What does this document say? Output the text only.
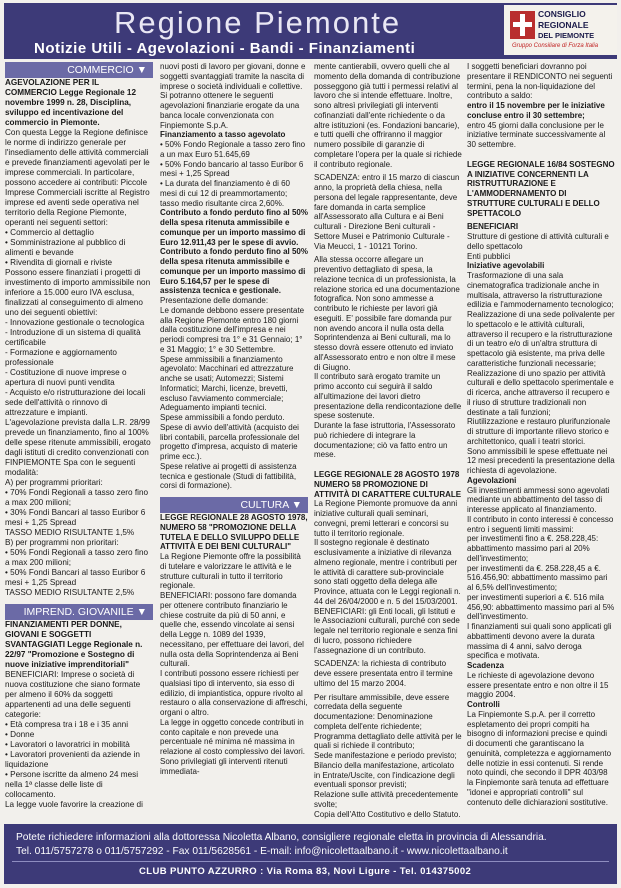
Regione Piemonte
Notizie Utili - Agevolazioni - Bandi - Finanziamenti
CONSIGLIO
REGIONALE
DEL PIEMONTE
Gruppo Consiliare di Forza Italia
COMMERCIO ▼

AGEVOLAZIONE PER IL COMMERCIO Legge Regionale 12 novembre 1999 n. 28, Disciplina, sviluppo ed incentivazione del commercio in Piemonte.

Con questa Legge la Regione definisce le norme di indirizzo generale per l'insediamento delle attività commerciali e prevede finanziamenti agevolati per le imprese commerciali. In particolare, possono accedere ai contributi: Piccole Imprese Commerciali iscritte al Registro imprese ed aventi sede operativa nel territorio della Regione Piemonte, operanti nei seguenti settori:

• Commercio al dettaglio

• Somministrazione al pubblico di alimenti e bevande

• Rivendita di giornali e riviste

Possono essere finanziati i progetti di investimento di importo ammissibile non inferiore a 15.000 euro IVA esclusa, finalizzati al conseguimento di almeno uno dei seguenti obiettivi:

- Innovazione gestionale o tecnologica

- Introduzione di un sistema di qualità certificabile

- Formazione e aggiornamento professionale

- Costituzione di nuove imprese o apertura di nuovi punti vendita

- Acquisto e/o ristrutturazione dei locali sede dell'attività o rinnovo di attrezzature e impianti.

L'agevolazione prevista dalla L.R. 28/99 prevede un finanziamento, fino al 100% delle spese ritenute ammissibili, erogato dagli istituti di credito convenzionati con FINPIEMONTE Spa con le seguenti modalità:

A) per programmi prioritari:

• 70% Fondi Regionali a tasso zero fino a max 200 milioni;

• 30% Fondi Bancari al tasso Euribor 6 mesi + 1,25 Spread

TASSO MEDIO RISULTANTE 1,5%

B) per programmi non prioritari:

• 50% Fondi Regionali a tasso zero fino a max 200 milioni;

• 50% Fondi Bancari al tasso Euribor 6 mesi + 1,25 Spread

TASSO MEDIO RISULTANTE 2,5%

IMPREND. GIOVANILE ▼

FINANZIAMENTI PER DONNE, GIOVANI E SOGGETTI SVANTAGGIATI Legge Regionale n. 22/97 "Promozione e Sostegno di nuove iniziative imprenditoriali"

BENEFICIARI: Imprese o società di nuova costituzione che siano formate per almeno il 60% da soggetti appartenenti ad una delle seguenti categorie:

• Età compresa tra i 18 e i 35 anni

• Donne

• Lavoratori o lavoratrici in mobilità

• Lavoratori provenienti da aziende in liquidazione

• Persone iscritte da almeno 24 mesi nella 1ª classe delle liste di collocamento.

La legge vuole favorire la creazione di

nuovi posti di lavoro per giovani, donne e soggetti svantaggiati tramite la nascita di imprese o società individuali e collettive.

Si potranno ottenere le seguenti agevolazioni finanziarie erogate da una banca locale convenzionata con Finpiemonte S.p.A.

Finanziamento a tasso agevolato

• 50% Fondo Regionale a tasso zero fino a un max Euro 51.645,69

• 50% Fondo bancario al tasso Euribor 6 mesi + 1,25 Spread

• La durata del finanziamento è di 60 mesi di cui 12 di preammortamento; tasso medio risultante circa 2,60%.

Contributo a fondo perduto fino al 50% della spesa ritenuta ammissibile e comunque per un importo massimo di Euro 12.911,43 per le spese di avvio.

Contributo a fondo perduto fino al 50% della spesa ritenuta ammissibile e comunque per un importo massimo di Euro 5.164,57 per le spese di assistenza tecnica e gestionale.

Presentazione delle domande:

Le domande debbono essere presentate alla Regione Piemonte entro 180 giorni dalla costituzione dell'impresa e nei periodi compresi tra 1° e 31 Gennaio; 1° e 31 Maggio; 1° e 30 Settembre.

Spese ammissibili a finanziamento agevolato: Macchinari ed attrezzature anche se usati; Automezzi; Sistemi Informatici; Marchi, licenze, brevetti, escluso l'avviamento commerciale; Adeguamento impianti tecnici.

Spese ammissibili a fondo perduto.

Spese di avvio dell'attività (acquisto dei libri contabili, parcella professionale del progetto d'impresa, acquisto di materie prime ecc.).

Spese relative ai progetti di assistenza tecnica e gestionale (Studi di fattibilità, corsi di formazione).

CULTURA ▼

LEGGE REGIONALE 28 AGOSTO 1978, NUMERO 58 "PROMOZIONE DELLA TUTELA E DELLO SVILUPPO DELLE ATTIVITÀ E DEI BENI CULTURALI"

La Regione Piemonte offre la possibilità di tutelare e valorizzare le attività e le strutture culturali in tutto il territorio regionale.

BENEFICIARI: possono fare domanda per ottenere contributo finanziario le chiese costruite da più di 50 anni, e quelle che, essendo vincolate ai sensi della Legge n. 1089 del 1939, necessitano, per effettuare dei lavori, del nulla osta della Soprintendenza ai Beni culturali.

I contributi possono essere richiesti per qualsiasi tipo di intervento, sia esso di edilizio, di impiantistica, oppure rivolto al restauro o alla conservazione di affreschi, organi o altro.

La legge in oggetto concede contributi in conto capitale e non prevede una percentuale né minima né massima in relazione al costo complessivo dei lavori. Sono privilegiati gli interventi ritenuti immediata-

mente cantierabili, ovvero quelli che al momento della domanda di contribuzione posseggono già tutti i permessi relativi al lavoro che si intende effettuare. Inoltre, sono altresì privilegiati gli interventi cofinanziati dall'ente richiedente o da altre istituzioni (es. Fondazioni bancarie), e tutti quelli che offriranno il maggior numero possibile di garanzie di completare l'opera per la quale si richiede il contributo regionale.

SCADENZA: entro il 15 marzo di ciascun anno, la proprietà della chiesa, nella persona del legale rappresentante, deve fare domanda in carta semplice all'Assessorato alla Cultura e ai Beni culturali - Direzione Beni culturali - Settore Musei e Patrimonio Culturale - Via Meucci, 1 - 10121 Torino.

Alla stessa occorre allegare un preventivo dettagliato di spesa, la relazione tecnica di un professionista, la relazione storica ed una documentazione fotografica. Non sono ammesse a contributo le richieste per lavori già eseguiti. E' possibile fare domanda pur non avendo ancora il nulla osta della Soprintendenza ai Beni culturali, ma lo stesso dovrà essere ottenuto ed inviato all'Assessorato entro e non oltre il mese di Giugno.

Il contributo sarà erogato tramite un primo acconto cui seguirà il saldo all'ultimazione dei lavori dietro presentazione della rendicontazione delle spese sostenute.

Durante la fase istruttoria, l'Assessorato può richiedere di integrare la documentazione; ciò va fatto entro un mese.

LEGGE REGIONALE 28 AGOSTO 1978 NUMERO 58 PROMOZIONE DI ATTIVITÀ DI CARATTERE CULTURALE

La Regione Piemonte promuove da anni iniziative culturali quali seminari, convegni, premi letterari e concorsi su tutto il territorio regionale.

Il sostegno regionale è destinato esclusivamente a iniziative di rilevanza almeno regionale, mentre i contributi per le attività di carattere sub-provinciale sono stati oggetto della delega alle Province, attuata con le Leggi regionali n. 44 del 26/04/2000 e n. 5 del 15/03/2001.

BENEFICIARI: gli Enti locali, gli Istituti e le Associazioni culturali, purché con sede legale nel territorio regionale e senza fini di lucro, possono richiedere l'assegnazione di un contributo.

SCADENZA: la richiesta di contributo deve essere presentata entro il termine ultimo del 15 marzo 2004.

Per risultare ammissibile, deve essere corredata della seguente documentazione: Denominazione completa dell'ente richiedente;

Programma dettagliato delle attività per le quali si richiede il contributo;

Sede manifestazione e periodo previsto;

Bilancio della manifestazione, articolato in Entrate/Uscite, con l'indicazione degli eventuali sponsor previsti;

Relazione sulle attività precedentemente svolte;

Copia dell'Atto Costitutivo e dello Statuto.

I soggetti beneficiari dovranno poi presentare il RENDICONTO nei seguenti termini, pena la non-liquidazione del contributo a saldo:

entro il 15 novembre per le iniziative concluse entro il 30 settembre;

entro 45 giorni dalla conclusione per le iniziative terminate successivamente al 30 settembre.

LEGGE REGIONALE 16/84 SOSTEGNO A INIZIATIVE CONCERNENTI LA RISTRUTTURAZIONE E L'AMMODERNAMENTO DI STRUTTURE CULTURALI E DELLO SPETTACOLO

BENEFICIARI

Strutture di gestione di attività culturali e dello spettacolo

Enti pubblici

Iniziative agevolabili

Trasformazione di una sala cinematografica tradizionale anche in multisala, attraverso la ristrutturazione edilizia e l'ammodernamento tecnologico;

Realizzazione di una sede polivalente per lo spettacolo e le attività culturali, attraverso il recupero e la ristrutturazione di un teatro e/o di un'altra struttura di spettacolo già esistente, ma priva delle caratteristiche funzionali necessarie;

Realizzazione di uno spazio per attività culturali e dello spettacolo sperimentale e di ricerca, anche attraverso il recupero e il riuso di strutture tradizionali non destinate a tali funzioni;

Riutilizzazione e restauro plurifunzionale di strutture di importante rilievo storico e architettonico, quali i teatri storici.

Sono ammissibili le spese effettuate nei 12 mesi precedenti la presentazione della richiesta di agevolazione.

Agevolazioni

Gli investimenti ammessi sono agevolati mediante un abbattimento del tasso di interesse applicato al finanziamento.

Il contributo in conto interessi è concesso entro i seguenti limiti massimi:

per investimenti fino a €. 258.228,45: abbattimento massimo pari al 20% dell'investimento;

per investimenti da €. 258.228,45 a €. 516.456,90: abbattimento massimo pari al 6,5% dell'investimento;

per investimenti superiori a €. 516 mila 456,90: abbattimento massimo pari al 5% dell'investimento.

I finanziamenti sui quali sono applicati gli abbattimenti devono avere la durata massima di 4 anni, salvo deroga specifica e motivata.

Scadenza

Le richieste di agevolazione devono essere presentate entro e non oltre il 15 maggio 2004.

Controlli

La Finpiemonte S.p.A. per il corretto espletamento dei propri compiti ha bisogno di informazioni precise e quindi di documenti che garantiscano la genuinità, completezza e aggiornamento delle notizie in essi contenuti. Si rende noto quindi, che secondo il DPR 403/98 la Finpiemonte sarà tenuta ad effettuare "idonei e appropriati controlli" sul contenuto delle dichiarazioni sostitutive.

Potete richiedere informazioni alla dottoressa Nicoletta Albano, consigliere regionale eletta in provincia di Alessandria.
Tel. 011/5757278 o 011/5757292 - Fax 011/5628561 - E-mail: info@nicolettaalbano.it - www.nicolettaalbano.it
CLUB PUNTO AZZURRO : Via Roma 83, Novi Ligure - Tel. 014375002
